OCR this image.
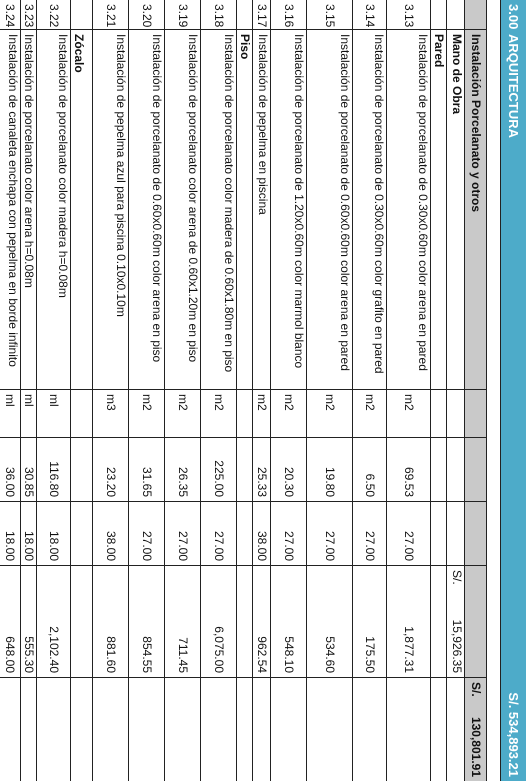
3.00
ARQUITECTURA
S/. 534,893.21
Instalación Porcelanato y otros
S/.
130,801.91
Mano de Obra
S/.
15,926.35
Pared
3.13
Instalación de porcelanato de 0.30x0.60m color arena en pared
m2
69.53
27.00
1,877.31
3.14
Instalación de porcelanato de 0.30x0.60m color grafito en pared
m2
6.50
27.00
175.50
3.15
Instalación de porcelanato de 0.60x0.60m color arena en pared
m2
19.80
27.00
534.60
3.16
Instalación de porcelanato de 1.20x0.60m color marmol blanco
m2
20.30
27.00
548.10
3.17
Instalación de pepelma en piscina
m2
25.33
38.00
962.54
Piso
3.18
Instalación de porcelanato color madera de 0.60x1.80m en piso
m2
225.00
27.00
6,075.00
3.19
Instalación de porcelanato color arena de 0.60x1.20m en piso
m2
26.35
27.00
711.45
3.20
Instalación de porcelanato de 0.60x0.60m color arena en piso
m2
31.65
27.00
854.55
3.21
Instalación de pepelma azul para piscina 0.10x0.10m
m3
23.20
38.00
881.60
Zócalo
3.22
Instalación de porcelanato color madera h=0.08m
ml
116.80
18.00
2,102.40
3.23
Instalación de porcelanato color arena h=0.08m
ml
30.85
18.00
555.30
3.24
Instalación de canaleta enchapa con pepelma en borde infinito
ml
36.00
18.00
648.00
